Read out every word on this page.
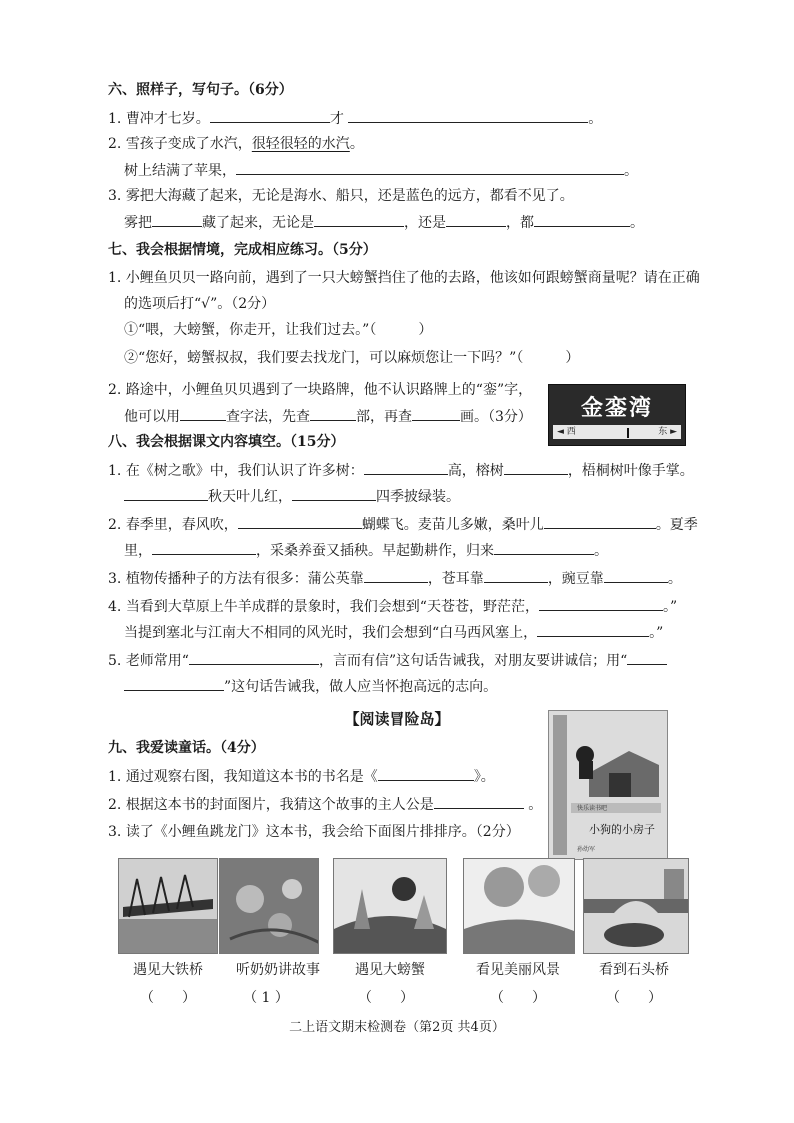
六、照样子，写句子。（6分）
1. 曹冲才七岁。	才	。
2. 雪孩子变成了水汽，很轻很轻的水汽。
树上结满了苹果，	。
3. 雾把大海藏了起来，无论是海水、船只，还是蓝色的远方，都看不见了。
雾把	藏了起来，无论是	，还是	，都	。
七、我会根据情境，完成相应练习。（5分）
1. 小鲤鱼贝贝一路向前，遇到了一只大螃蟹挡住了他的去路，他该如何跟螃蟹商量呢？请在正确
的选项后打“√”。（2分）
①“喂，大螃蟹，你走开，让我们过去。”（　　　）
②“您好，螃蟹叔叔，我们要去找龙门，可以麻烦您让一下吗？”（　　　）
2. 路途中，小鲤鱼贝贝遇到了一块路牌，他不认识路牌上的“銮”字，
他可以用	查字法，先查	部，再查	画。（3分）	金銮湾
◄ 西	东 ►
八、我会根据课文内容填空。（15分）
1. 在《树之歌》中，我们认识了许多树：	高，榕树	，梧桐树叶像手掌。
秋天叶儿红，	四季披绿装。
2. 春季里，春风吹，	蝴蝶飞。麦苗儿多嫩，桑叶儿	。夏季
里，	，采桑养蚕又插秧。早起勤耕作，归来	。
3. 植物传播种子的方法有很多：蒲公英靠	，苍耳靠	，豌豆靠	。
4. 当看到大草原上牛羊成群的景象时，我们会想到“天苍苍，野茫茫，	。”
当提到塞北与江南大不相同的风光时，我们会想到“白马西风塞上，	。”
5. 老师常用“	，言而有信”这句话告诫我，对朋友要讲诚信；用“
”这句话告诫我，做人应当怀抱高远的志向。
【阅读冒险岛】
九、我爱读童话。（4分）
1. 通过观察右图，我知道这本书的书名是《	》。
2. 根据这本书的封面图片，我猜这个故事的主人公是	。
3. 读了《小鲤鱼跳龙门》这本书，我会给下面图片排排序。（2分）
快乐读书吧
小狗的小房子
孙幼军
遇见大铁桥	听奶奶讲故事	遇见大螃蟹	看见美丽风景	看到石头桥
（　　）	（ 1 ）	（　　）	（　　）	（　　）
二上语文期末检测卷（第2页 共4页）
